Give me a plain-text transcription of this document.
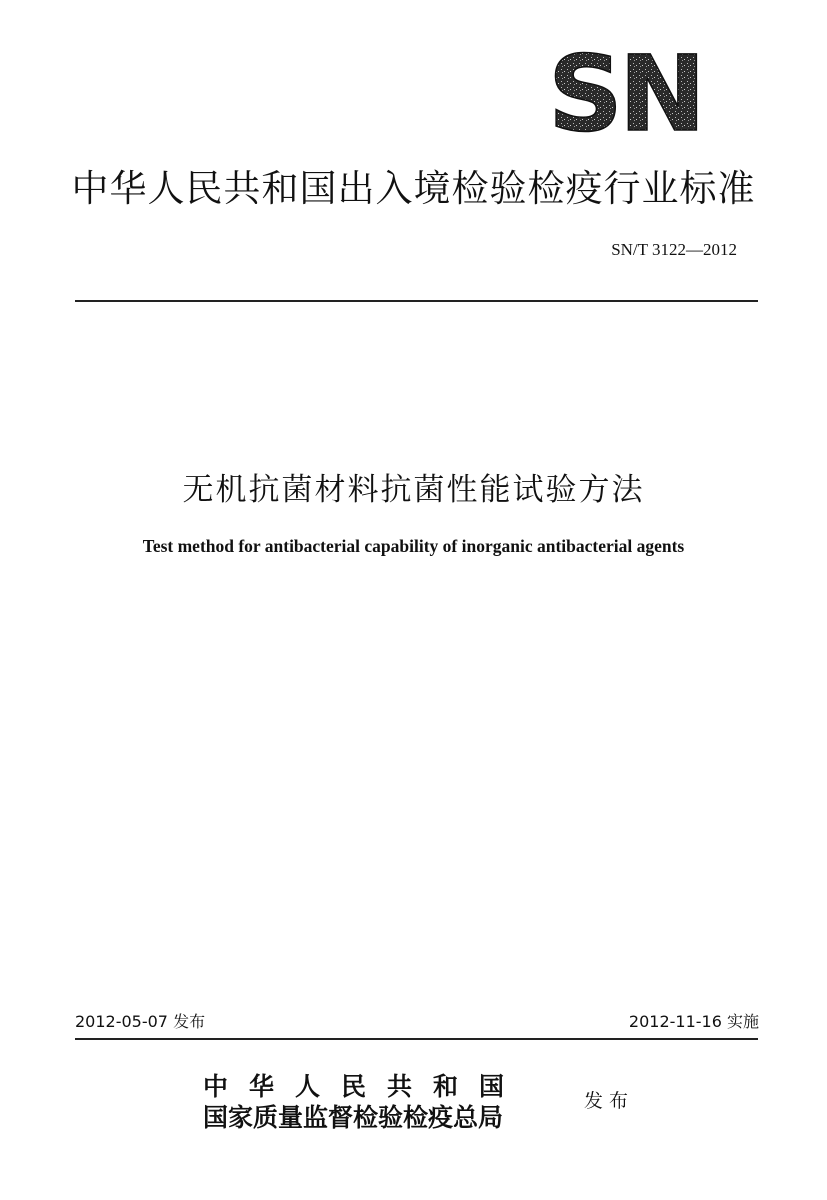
SN
中华人民共和国出入境检验检疫行业标准
SN/T 3122—2012
无机抗菌材料抗菌性能试验方法
Test method for antibacterial capability of inorganic antibacterial agents
2012-05-07 发布	2012-11-16 实施
中华人民共和国
国家质量监督检验检疫总局
发布
